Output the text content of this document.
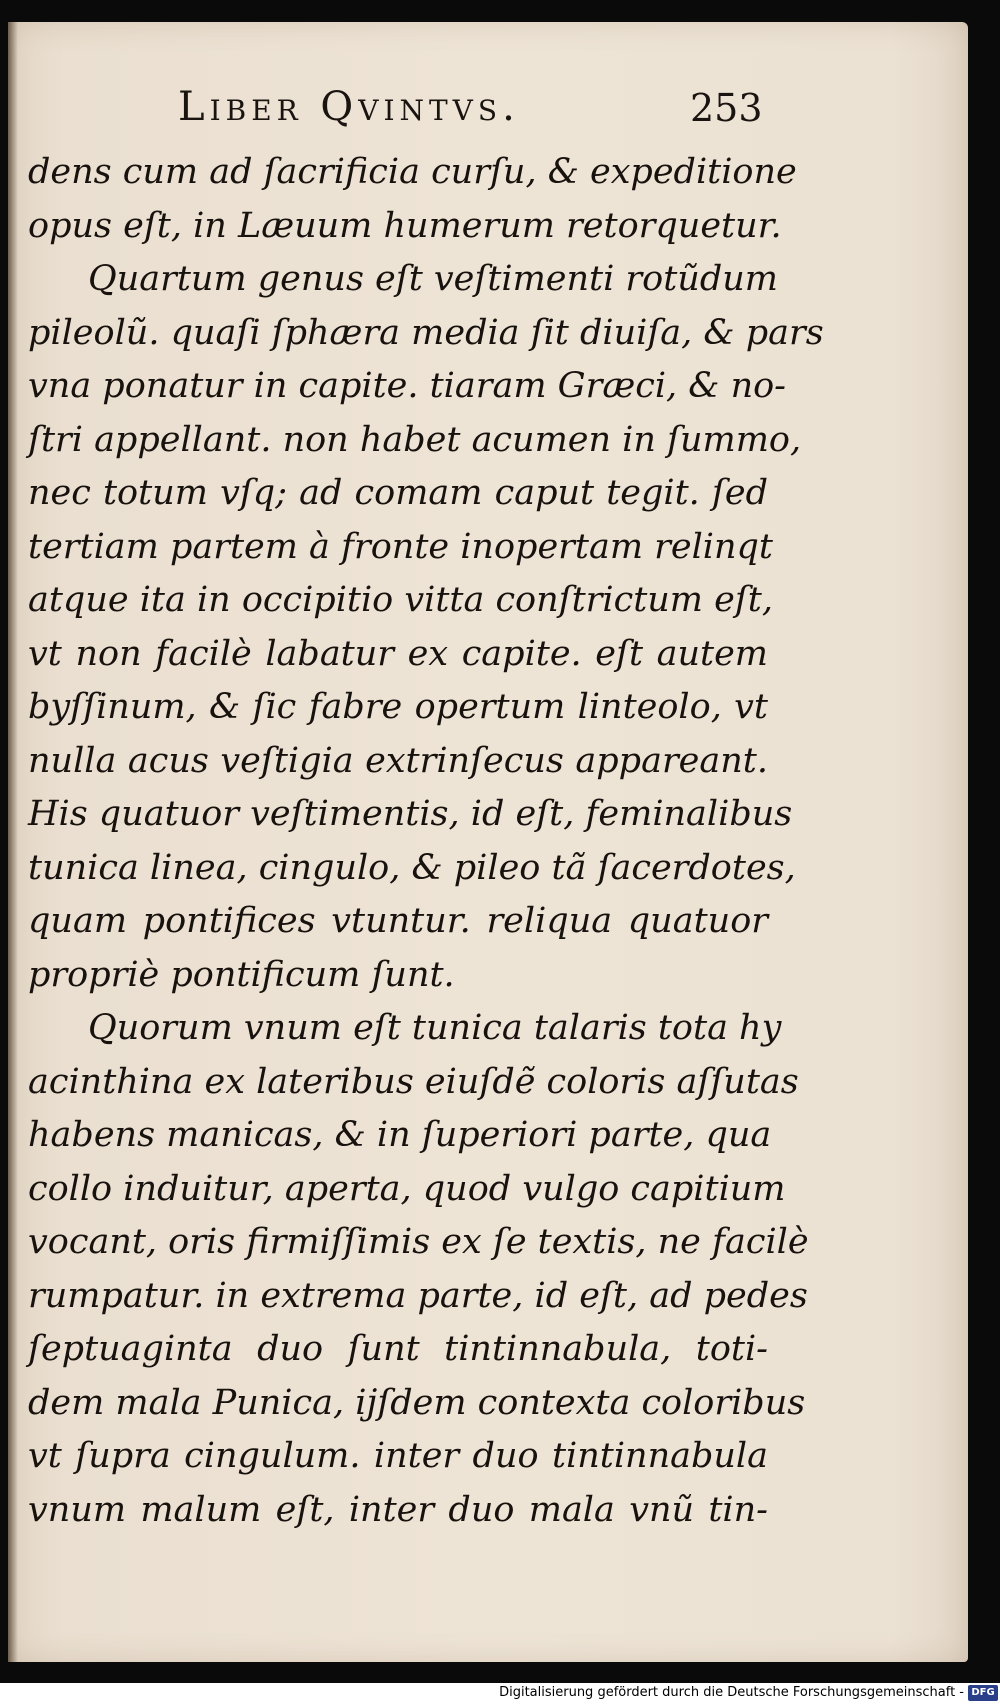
Liber Qvintvs.	253
dens cum ad ſacrificia curſu, & expeditione
opus eſt, in Læuum humerum retorquetur.
Quartum genus eſt veſtimenti rotũdum
pileolũ. quaſi ſphæra media ſit diuiſa, & pars
vna ponatur in capite. tiaram Græci, & no-
ſtri appellant. non habet acumen in ſummo,
nec totum vſq; ad comam caput tegit. ſed
tertiam partem à fronte inopertam relinqt
atque ita in occipitio vitta conſtrictum eſt,
vt non facilè labatur ex capite. eſt autem
byſſinum, & ſic fabre opertum linteolo, vt
nulla acus veſtigia extrinſecus appareant.
His quatuor veſtimentis, id eſt, feminalibus
tunica linea, cingulo, & pileo tã ſacerdotes,
quam pontifices vtuntur. reliqua quatuor
propriè pontificum ſunt.
Quorum vnum eſt tunica talaris tota hy
acinthina ex lateribus eiuſdẽ coloris aſſutas
habens manicas, & in ſuperiori parte, qua
collo induitur, aperta, quod vulgo capitium
vocant, oris firmiſſimis ex ſe textis, ne facilè
rumpatur. in extrema parte, id eſt, ad pedes
ſeptuaginta duo ſunt tintinnabula, toti-
dem mala Punica, ijſdem contexta coloribus
vt ſupra cingulum. inter duo tintinnabula
vnum malum eſt, inter duo mala vnũ tin-
Digitalisierung gefördert durch die Deutsche Forschungsgemeinschaft - DFG
